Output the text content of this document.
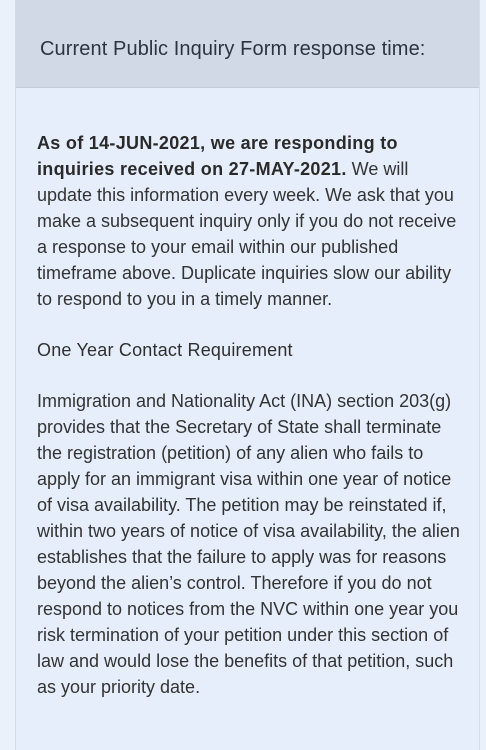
Current Public Inquiry Form response time:

As of 14-JUN-2021, we are responding to inquiries received on 27-MAY-2021. We will update this information every week. We ask that you make a subsequent inquiry only if you do not receive a response to your email within our published timeframe above. Duplicate inquiries slow our ability to respond to you in a timely manner.

One Year Contact Requirement

Immigration and Nationality Act (INA) section 203(g) provides that the Secretary of State shall terminate the registration (petition) of any alien who fails to apply for an immigrant visa within one year of notice of visa availability. The petition may be reinstated if, within two years of notice of visa availability, the alien establishes that the failure to apply was for reasons beyond the alien’s control. Therefore if you do not respond to notices from the NVC within one year you risk termination of your petition under this section of law and would lose the benefits of that petition, such as your priority date.
